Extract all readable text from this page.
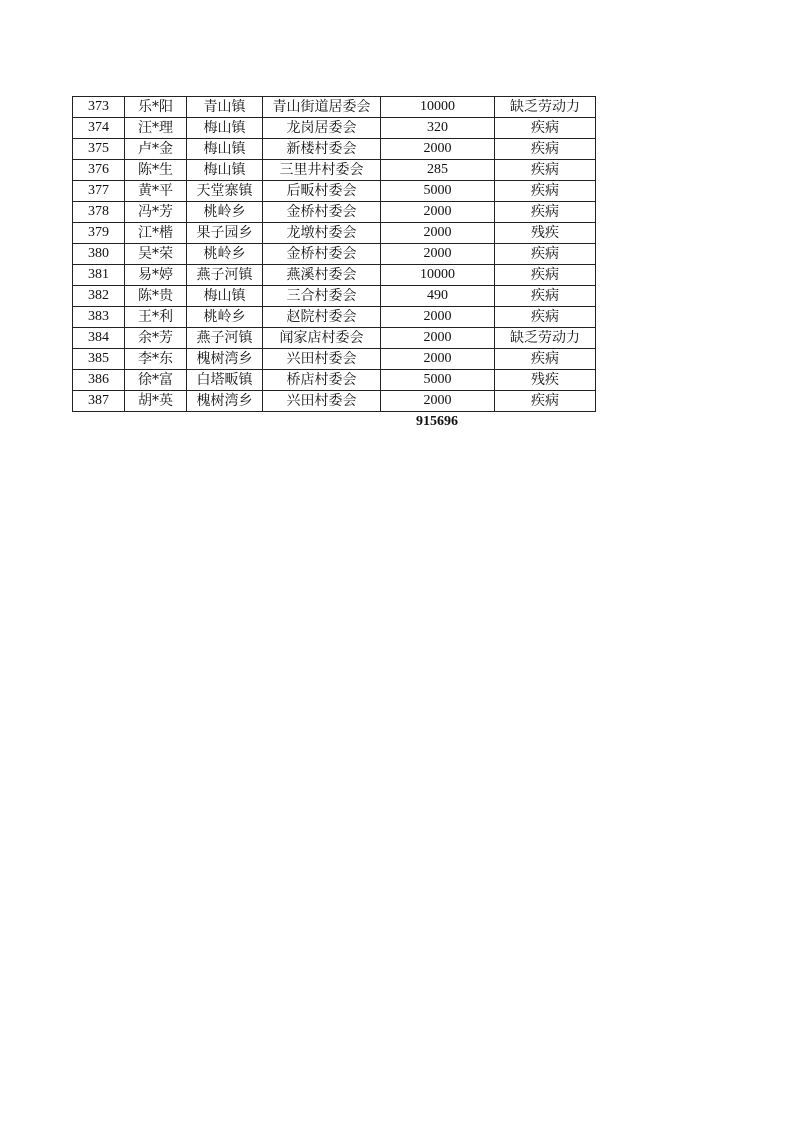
373	乐*阳	青山镇	青山街道居委会	10000	缺乏劳动力
374	汪*理	梅山镇	龙岗居委会	320	疾病
375	卢*金	梅山镇	新楼村委会	2000	疾病
376	陈*生	梅山镇	三里井村委会	285	疾病
377	黄*平	天堂寨镇	后畈村委会	5000	疾病
378	冯*芳	桃岭乡	金桥村委会	2000	疾病
379	江*楷	果子园乡	龙墩村委会	2000	残疾
380	吴*荣	桃岭乡	金桥村委会	2000	疾病
381	易*婷	燕子河镇	燕溪村委会	10000	疾病
382	陈*贵	梅山镇	三合村委会	490	疾病
383	王*利	桃岭乡	赵院村委会	2000	疾病
384	余*芳	燕子河镇	闻家店村委会	2000	缺乏劳动力
385	李*东	槐树湾乡	兴田村委会	2000	疾病
386	徐*富	白塔畈镇	桥店村委会	5000	残疾
387	胡*英	槐树湾乡	兴田村委会	2000	疾病
915696
